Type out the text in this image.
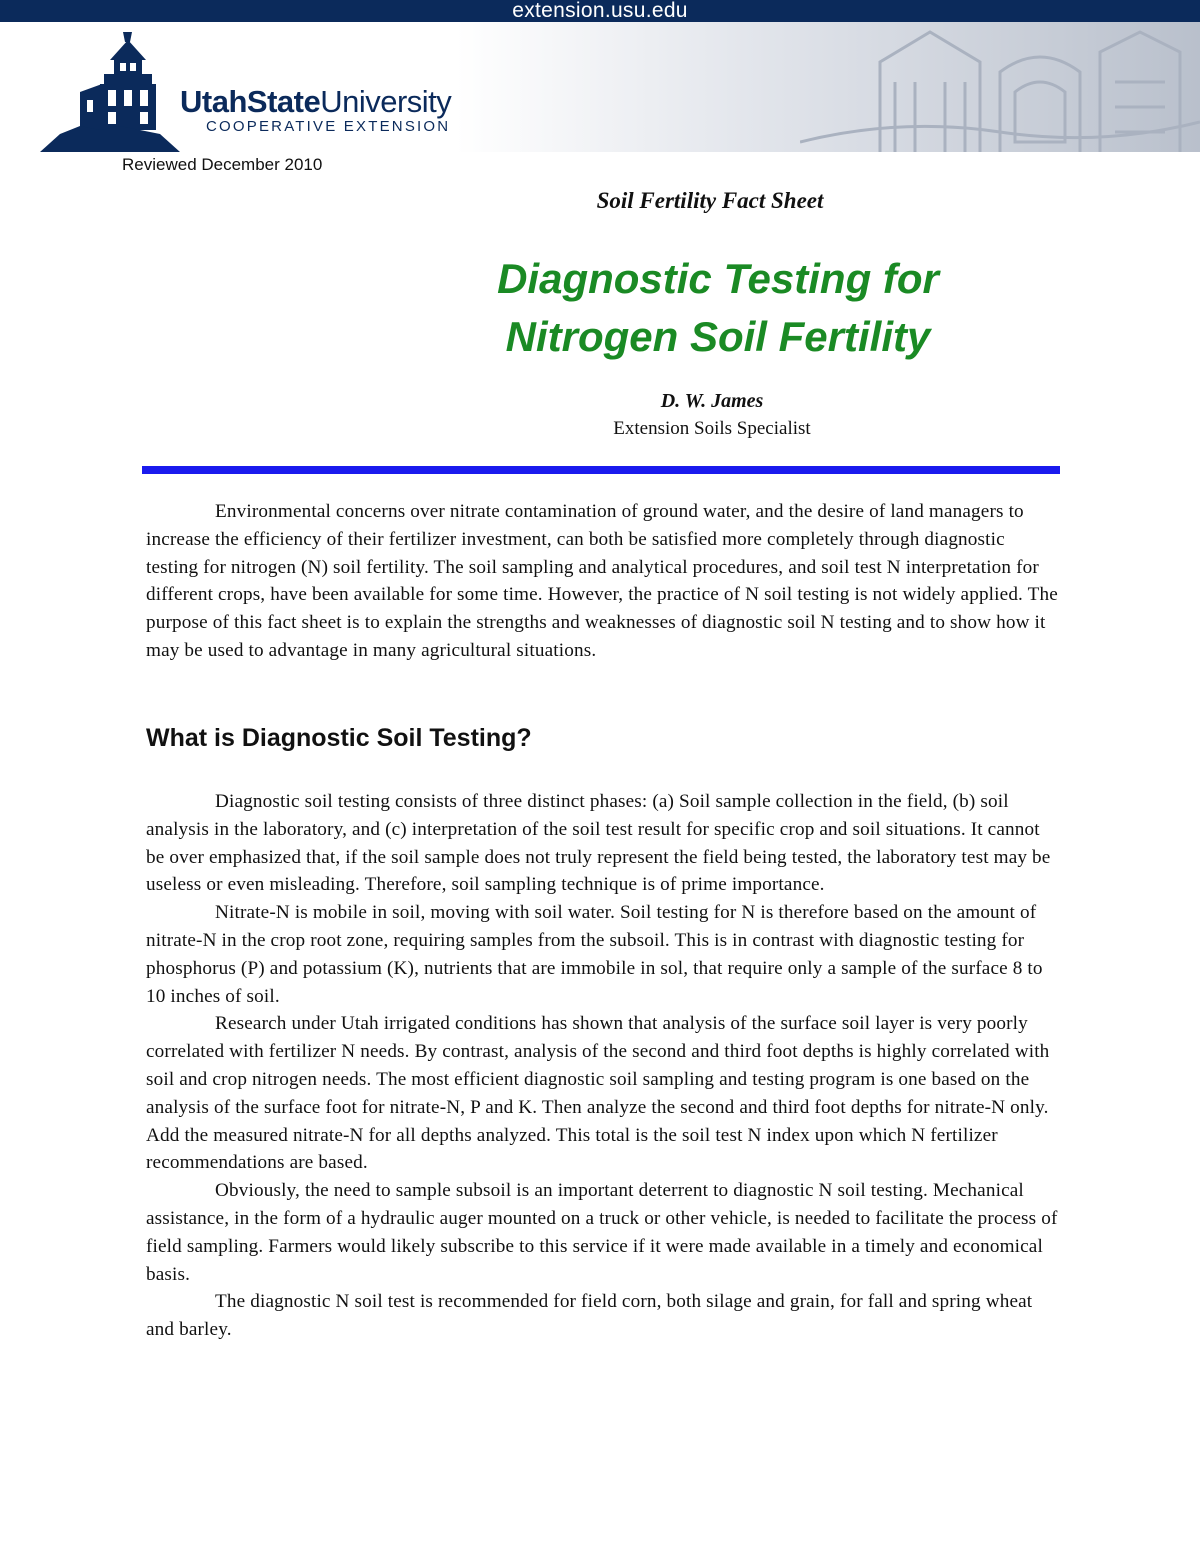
extension.usu.edu
UtahStateUniversity
COOPERATIVE EXTENSION
Reviewed December 2010
Soil Fertility Fact Sheet
Diagnostic Testing for
Nitrogen Soil Fertility
D. W. James
Extension Soils Specialist

Environmental concerns over nitrate contamination of ground water, and the desire of land managers to increase the efficiency of their fertilizer investment, can both be satisfied more completely through diagnostic testing for nitrogen (N) soil fertility. The soil sampling and analytical procedures, and soil test N interpretation for different crops, have been available for some time. However, the practice of N soil testing is not widely applied. The purpose of this fact sheet is to explain the strengths and weaknesses of diagnostic soil N testing and to show how it may be used to advantage in many agricultural situations.

What is Diagnostic Soil Testing?

Diagnostic soil testing consists of three distinct phases: (a) Soil sample collection in the field, (b) soil analysis in the laboratory, and (c) interpretation of the soil test result for specific crop and soil situations. It cannot be over emphasized that, if the soil sample does not truly represent the field being tested, the laboratory test may be useless or even misleading. Therefore, soil sampling technique is of prime importance.

Nitrate-N is mobile in soil, moving with soil water. Soil testing for N is therefore based on the amount of nitrate-N in the crop root zone, requiring samples from the subsoil. This is in contrast with diagnostic testing for phosphorus (P) and potassium (K), nutrients that are immobile in sol, that require only a sample of the surface 8 to 10 inches of soil.

Research under Utah irrigated conditions has shown that analysis of the surface soil layer is very poorly correlated with fertilizer N needs. By contrast, analysis of the second and third foot depths is highly correlated with soil and crop nitrogen needs. The most efficient diagnostic soil sampling and testing program is one based on the analysis of the surface foot for nitrate-N, P and K. Then analyze the second and third foot depths for nitrate-N only. Add the measured nitrate-N for all depths analyzed. This total is the soil test N index upon which N fertilizer recommendations are based.

Obviously, the need to sample subsoil is an important deterrent to diagnostic N soil testing. Mechanical assistance, in the form of a hydraulic auger mounted on a truck or other vehicle, is needed to facilitate the process of field sampling. Farmers would likely subscribe to this service if it were made available in a timely and economical basis.

The diagnostic N soil test is recommended for field corn, both silage and grain, for fall and spring wheat and barley.
